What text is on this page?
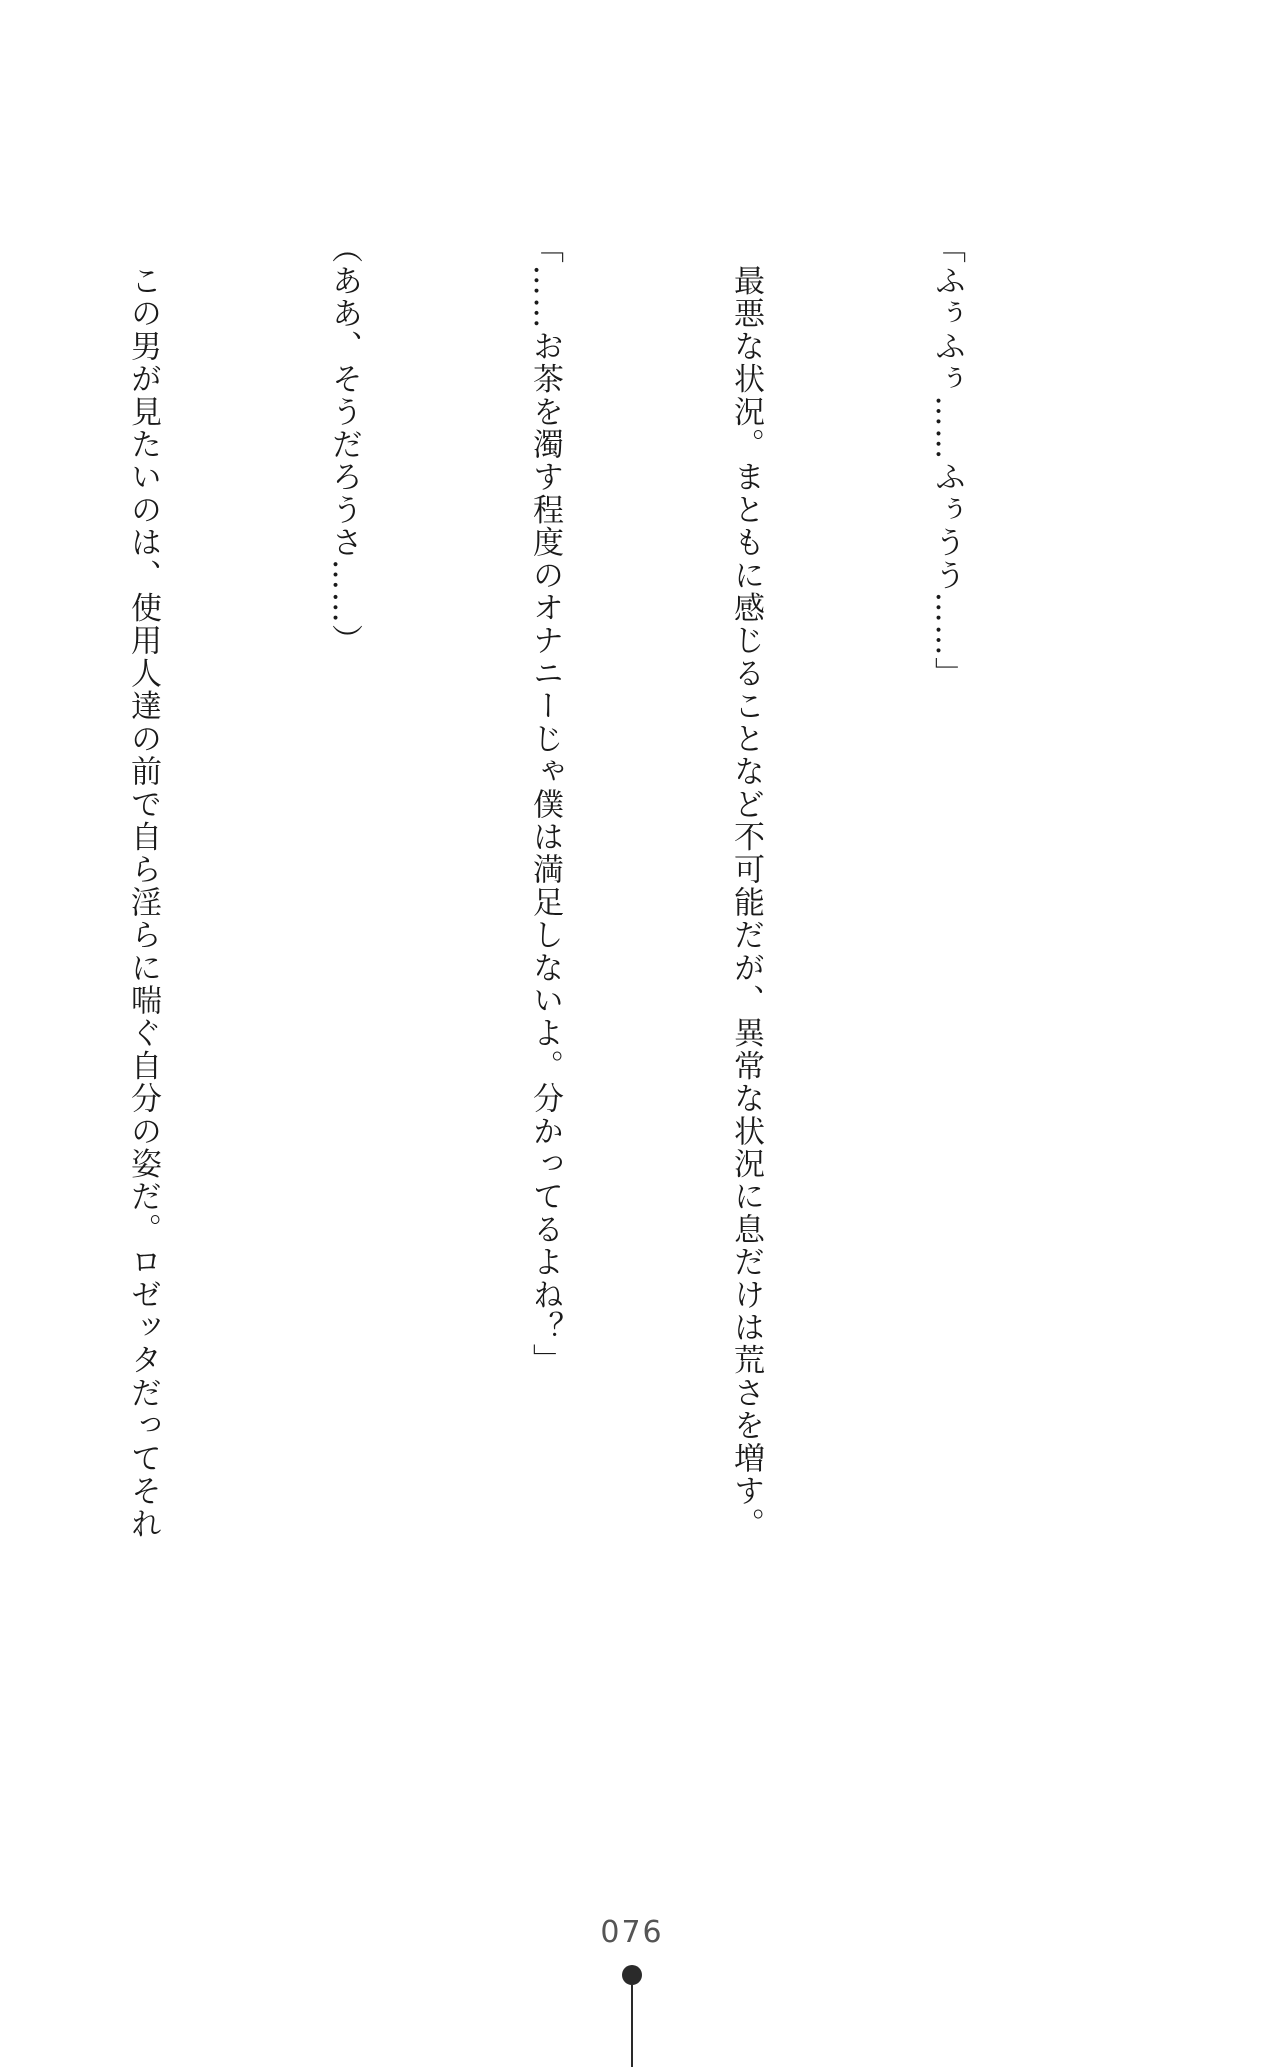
「ふぅふぅ……ふぅうう……」

　最悪な状況。まともに感じることなど不可能だが、異常な状況に息だけは荒さを増す。

「……お茶を濁す程度のオナニーじゃ僕は満足しないよ。分かってるよね？」

（ああ、そうだろうさ……）

　この男が見たいのは、使用人達の前で自ら淫らに喘ぐ自分の姿だ。ロゼッタだってそれ

076
